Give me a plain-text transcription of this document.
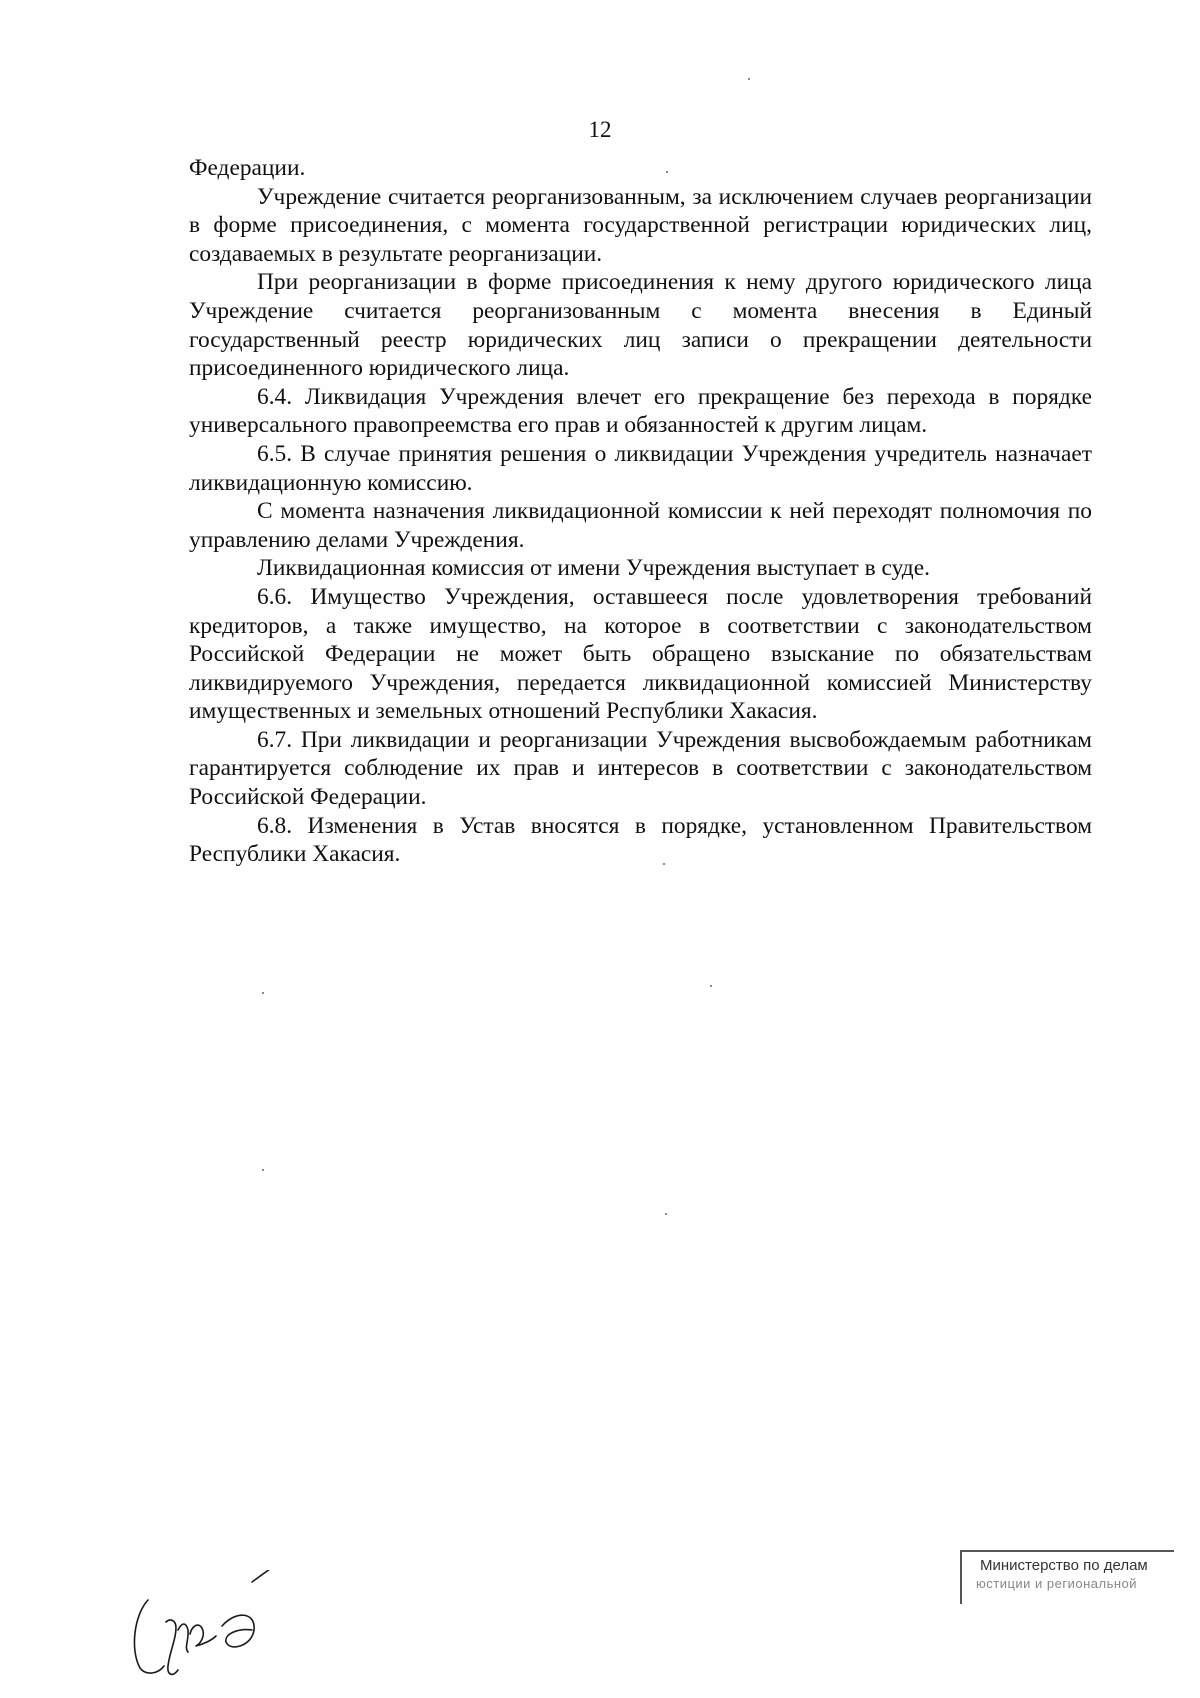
12

Федерации.

Учреждение считается реорганизованным, за исключением случаев реорганизации в форме присоединения, с момента государственной регистрации юридических лиц, создаваемых в результате реорганизации.

При реорганизации в форме присоединения к нему другого юридического лица Учреждение считается реорганизованным с момента внесения в Единый государственный реестр юридических лиц записи о прекращении деятельности присоединенного юридического лица.

6.4. Ликвидация Учреждения влечет его прекращение без перехода в порядке универсального правопреемства его прав и обязанностей к другим лицам.

6.5. В случае принятия решения о ликвидации Учреждения учредитель назначает ликвидационную комиссию.

С момента назначения ликвидационной комиссии к ней переходят полномочия по управлению делами Учреждения.

Ликвидационная комиссия от имени Учреждения выступает в суде.

6.6. Имущество Учреждения, оставшееся после удовлетворения требований кредиторов, а также имущество, на которое в соответствии с законодательством Российской Федерации не может быть обращено взыскание по обязательствам ликвидируемого Учреждения, передается ликвидационной комиссией Министерству имущественных и земельных отношений Республики Хакасия.

6.7. При ликвидации и реорганизации Учреждения высвобождаемым работникам гарантируется соблюдение их прав и интересов в соответствии с законодательством Российской Федерации.

6.8. Изменения в Устав вносятся в порядке, установленном Правительством Республики Хакасия.

Министерство по делам
юстиции и региональной
